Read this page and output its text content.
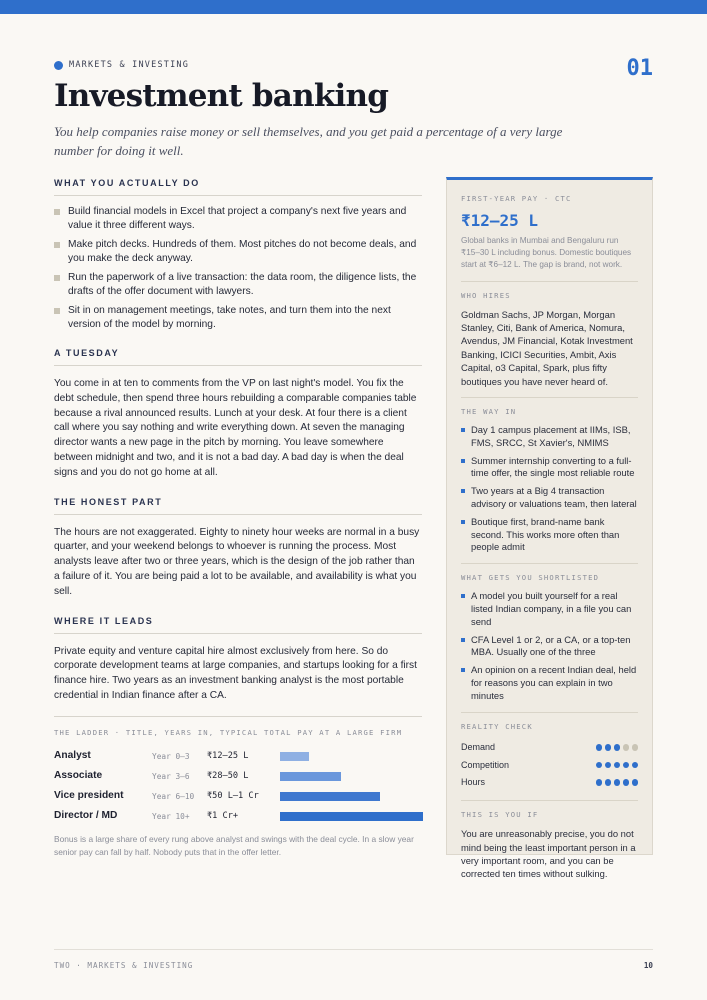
MARKETS & INVESTING	01
Investment banking

You help companies raise money or sell themselves, and you get paid a percentage of a very large number for doing it well.

WHAT YOU ACTUALLY DO
Build financial models in Excel that project a company's next five years and value it three different ways.
Make pitch decks. Hundreds of them. Most pitches do not become deals, and you make the deck anyway.
Run the paperwork of a live transaction: the data room, the diligence lists, the drafts of the offer document with lawyers.
Sit in on management meetings, take notes, and turn them into the next version of the model by morning.
A TUESDAY

You come in at ten to comments from the VP on last night's model. You fix the debt schedule, then spend three hours rebuilding a comparable companies table because a rival announced results. Lunch at your desk. At four there is a client call where you say nothing and write everything down. At seven the managing director wants a new page in the pitch by morning. You leave somewhere between midnight and two, and it is not a bad day. A bad day is when the deal signs and you do not go home at all.

THE HONEST PART

The hours are not exaggerated. Eighty to ninety hour weeks are normal in a busy quarter, and your weekend belongs to whoever is running the process. Most analysts leave after two or three years, which is the design of the job rather than a failure of it. You are being paid a lot to be available, and availability is what you sell.

WHERE IT LEADS

Private equity and venture capital hire almost exclusively from here. So do corporate development teams at large companies, and startups looking for a first finance hire. Two years as an investment banking analyst is the most portable credential in Indian finance after a CA.

THE LADDER · TITLE, YEARS IN, TYPICAL TOTAL PAY AT A LARGE FIRM
Analyst	Year 0–3 ₹12–25 L
Associate	Year 3–6 ₹28–50 L
Vice president	Year 6–10 ₹50 L–1 Cr
Director / MD	Year 10+ ₹1 Cr+

Bonus is a large share of every rung above analyst and swings with the deal cycle. In a slow year senior pay can fall by half. Nobody puts that in the offer letter.

FIRST-YEAR PAY · CTC
₹12–25 L

Global banks in Mumbai and Bengaluru run ₹15–30 L including bonus. Domestic boutiques start at ₹6–12 L. The gap is brand, not work.

WHO HIRES

Goldman Sachs, JP Morgan, Morgan Stanley, Citi, Bank of America, Nomura, Avendus, JM Financial, Kotak Investment Banking, ICICI Securities, Ambit, Axis Capital, o3 Capital, Spark, plus fifty boutiques you have never heard of.

THE WAY IN
Day 1 campus placement at IIMs, ISB, FMS, SRCC, St Xavier's, NMIMS
Summer internship converting to a full-time offer, the single most reliable route
Two years at a Big 4 transaction advisory or valuations team, then lateral
Boutique first, brand-name bank second. This works more often than people admit
WHAT GETS YOU SHORTLISTED
A model you built yourself for a real listed Indian company, in a file you can send
CFA Level 1 or 2, or a CA, or a top-ten MBA. Usually one of the three
An opinion on a recent Indian deal, held for reasons you can explain in two minutes
REALITY CHECK
Demand
Competition
Hours
THIS IS YOU IF

You are unreasonably precise, you do not mind being the least important person in a very important room, and you can be corrected ten times without sulking.

TWO · MARKETS & INVESTING	10
